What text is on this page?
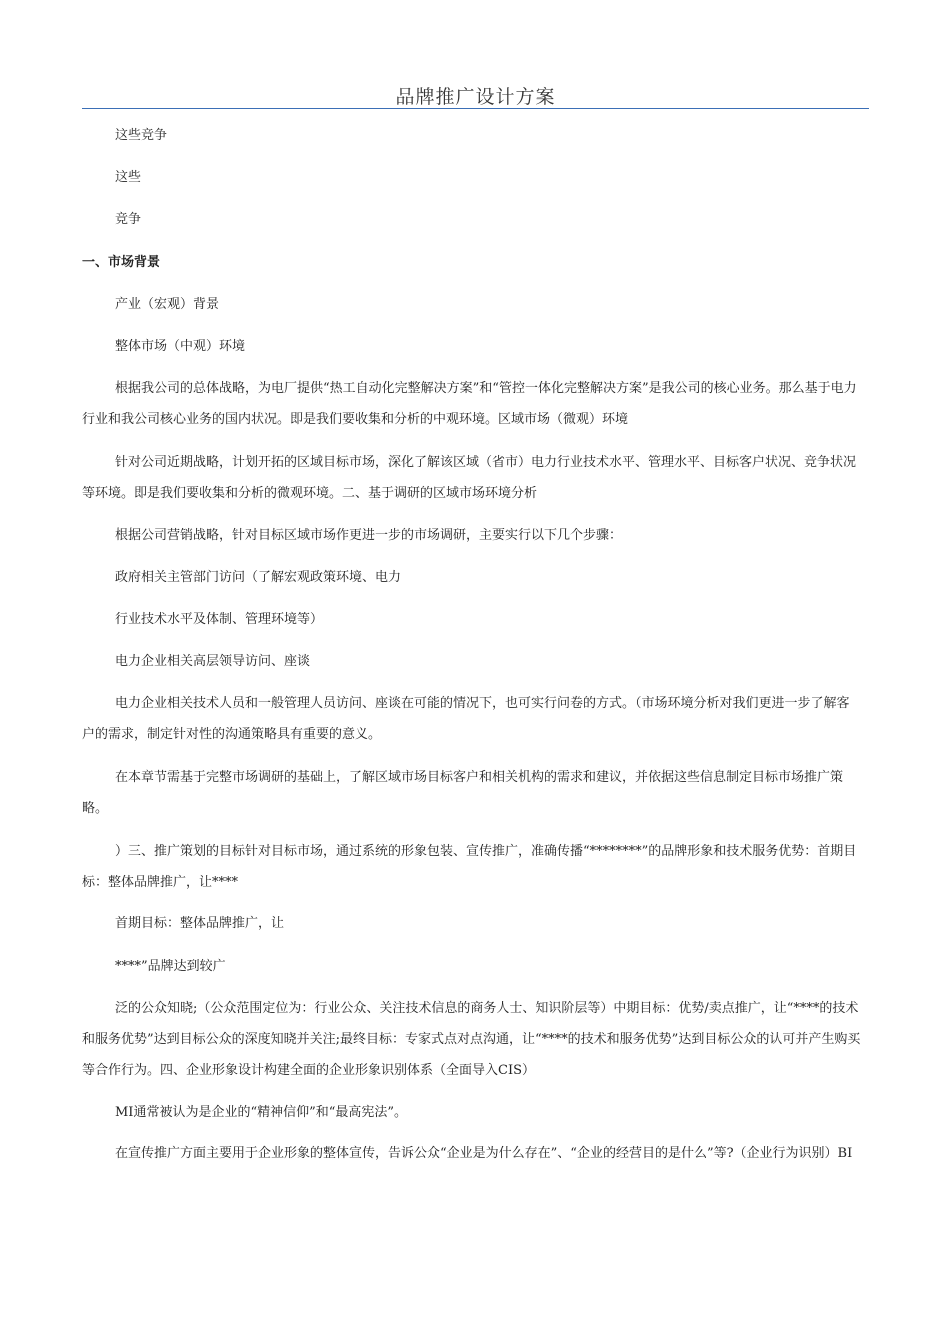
品牌推广设计方案

这些竞争

这些

竞争

一、市场背景

产业（宏观）背景

整体市场（中观）环境

根据我公司的总体战略，为电厂提供“热工自动化完整解决方案”和“管控一体化完整解决方案”是我公司的核心业务。那么基于电力行业和我公司核心业务的国内状况。即是我们要收集和分析的中观环境。区域市场（微观）环境

针对公司近期战略，计划开拓的区域目标市场，深化了解该区域（省市）电力行业技术水平、管理水平、目标客户状况、竞争状况等环境。即是我们要收集和分析的微观环境。二、基于调研的区域市场环境分析

根据公司营销战略，针对目标区域市场作更进一步的市场调研，主要实行以下几个步骤：

政府相关主管部门访问（了解宏观政策环境、电力

行业技术水平及体制、管理环境等）

电力企业相关高层领导访问、座谈

电力企业相关技术人员和一般管理人员访问、座谈在可能的情况下，也可实行问卷的方式。（市场环境分析对我们更进一步了解客户的需求，制定针对性的沟通策略具有重要的意义。

在本章节需基于完整市场调研的基础上，了解区域市场目标客户和相关机构的需求和建议，并依据这些信息制定目标市场推广策略。

）三、推广策划的目标针对目标市场，通过系统的形象包装、宣传推广，准确传播“********”的品牌形象和技术服务优势：首期目标：整体品牌推广，让****

首期目标：整体品牌推广，让

****”品牌达到较广

泛的公众知晓;（公众范围定位为：行业公众、关注技术信息的商务人士、知识阶层等）中期目标：优势/卖点推广，让“****的技术和服务优势”达到目标公众的深度知晓并关注;最终目标：专家式点对点沟通，让“****的技术和服务优势”达到目标公众的认可并产生购买等合作行为。四、企业形象设计构建全面的企业形象识别体系（全面导入CIS）

MI通常被认为是企业的“精神信仰”和“最高宪法”。

在宣传推广方面主要用于企业形象的整体宣传，告诉公众“企业是为什么存在”、“企业的经营目的是什么”等?（企业行为识别）BI
